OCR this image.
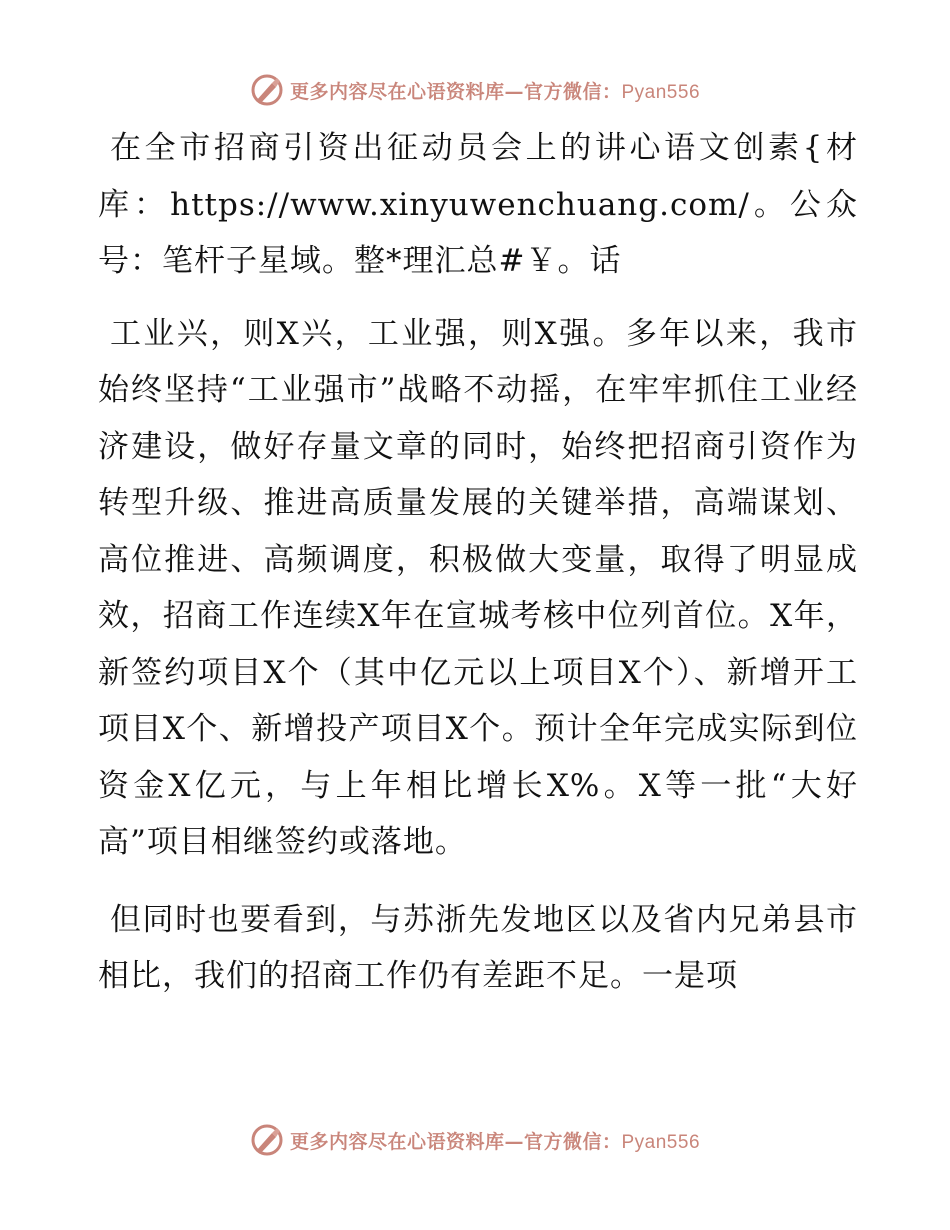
更多内容尽在心语资料库—官方微信：Pyan556

在全市招商引资出征动员会上的讲心语文创素{材库：https://www.xinyuwenchuang.com/。公众号：笔杆子星域。整*理汇总#￥。话

工业兴，则X兴，工业强，则X强。多年以来，我市始终坚持“工业强市”战略不动摇，在牢牢抓住工业经济建设，做好存量文章的同时，始终把招商引资作为转型升级、推进高质量发展的关键举措，高端谋划、高位推进、高频调度，积极做大变量，取得了明显成效，招商工作连续X年在宣城考核中位列首位。X年，新签约项目X个（其中亿元以上项目X个）、新增开工项目X个、新增投产项目X个。预计全年完成实际到位资金X亿元，与上年相比增长X%。X等一批“大好高”项目相继签约或落地。

但同时也要看到，与苏浙先发地区以及省内兄弟县市相比，我们的招商工作仍有差距不足。一是项

更多内容尽在心语资料库—官方微信：Pyan556
